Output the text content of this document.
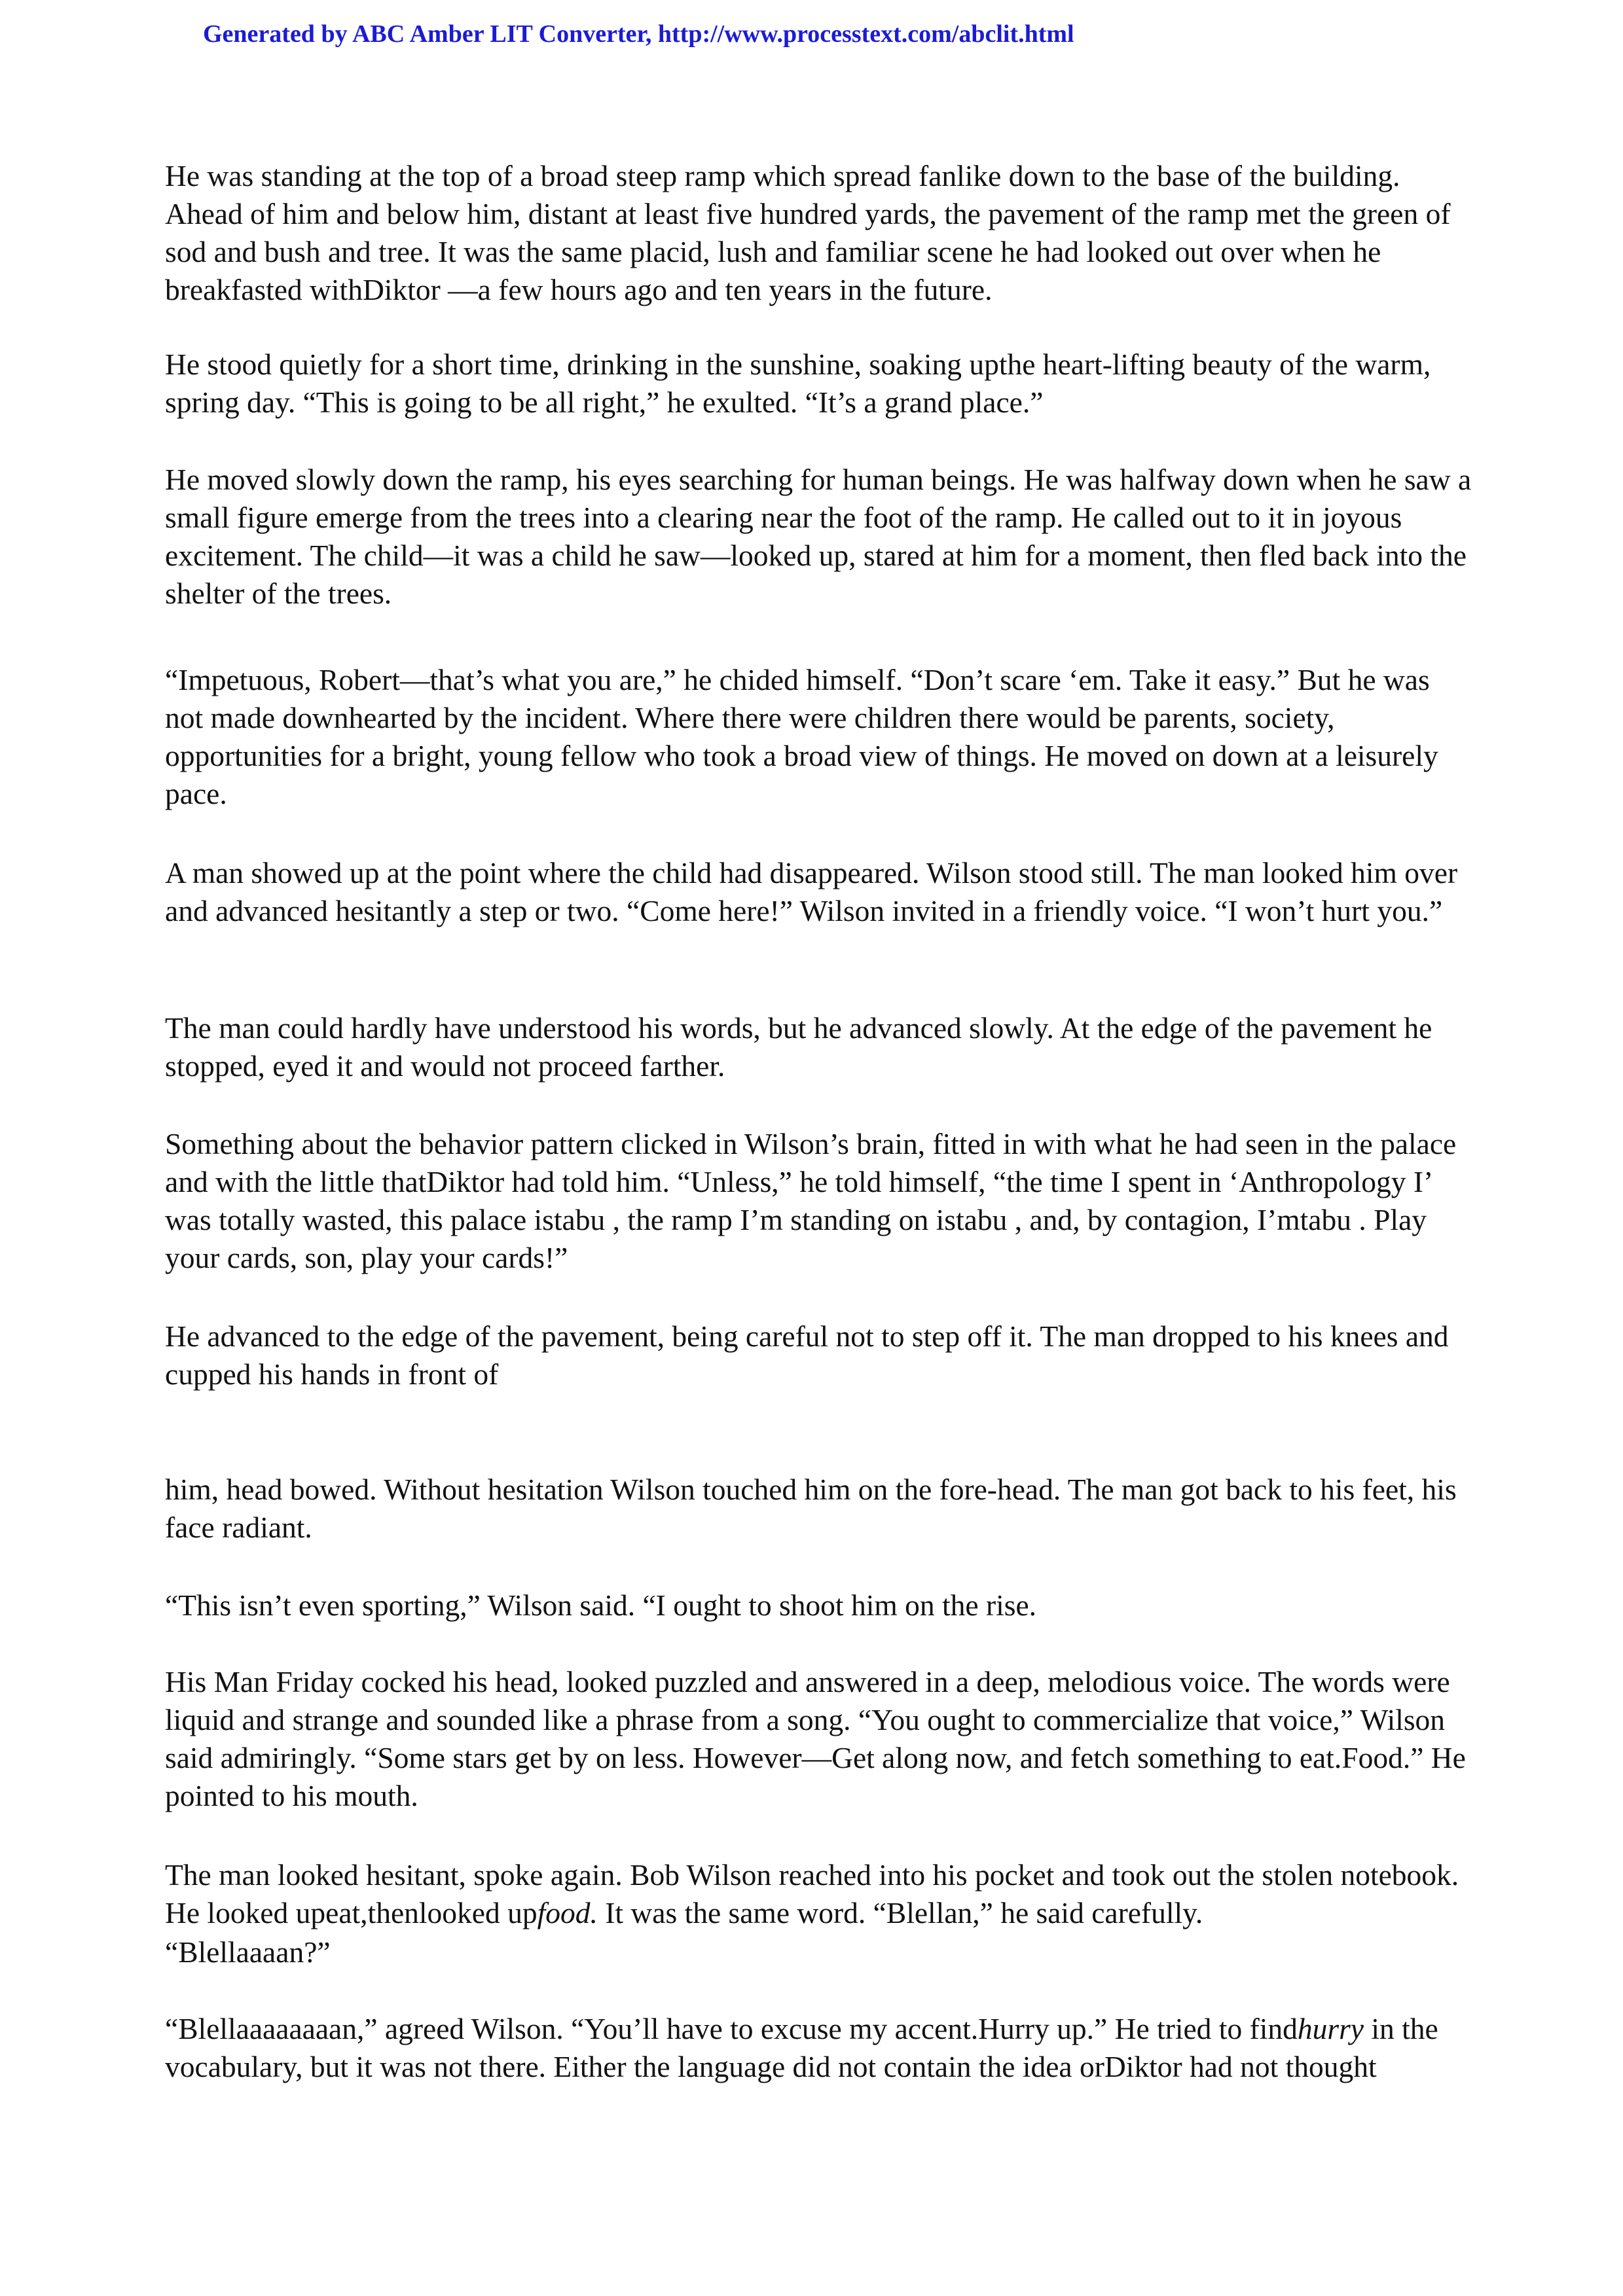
Generated by ABC Amber LIT Converter, http://www.processtext.com/abclit.html

He was standing at the top of a broad steep ramp which spread fanlike down to the base of the building. Ahead of him and below him, distant at least five hundred yards, the pavement of the ramp met the green of sod and bush and tree. It was the same placid, lush and familiar scene he had looked out over when he breakfasted withDiktor —a few hours ago and ten years in the future.

He stood quietly for a short time, drinking in the sunshine, soaking upthe heart-lifting beauty of the warm, spring day. “This is going to be all right,” he exulted. “It’s a grand place.”

He moved slowly down the ramp, his eyes searching for human beings. He was halfway down when he saw a small figure emerge from the trees into a clearing near the foot of the ramp. He called out to it in joyous excitement. The child—it was a child he saw—looked up, stared at him for a moment, then fled back into the shelter of the trees.

“Impetuous, Robert—that’s what you are,” he chided himself. “Don’t scare ‘em. Take it easy.” But he was not made downhearted by the incident. Where there were children there would be parents, society, opportunities for a bright, young fellow who took a broad view of things. He moved on down at a leisurely pace.

A man showed up at the point where the child had disappeared. Wilson stood still. The man looked him over and advanced hesitantly a step or two. “Come here!” Wilson invited in a friendly voice. “I won’t hurt you.”

The man could hardly have understood his words, but he advanced slowly. At the edge of the pavement he stopped, eyed it and would not proceed farther.

Something about the behavior pattern clicked in Wilson’s brain, fitted in with what he had seen in the palace and with the little thatDiktor had told him. “Unless,” he told himself, “the time I spent in ‘Anthropology I’ was totally wasted, this palace istabu , the ramp I’m standing on istabu , and, by contagion, I’mtabu . Play your cards, son, play your cards!”

He advanced to the edge of the pavement, being careful not to step off it. The man dropped to his knees and cupped his hands in front of

him, head bowed. Without hesitation Wilson touched him on the fore-head. The man got back to his feet, his face radiant.

“This isn’t even sporting,” Wilson said. “I ought to shoot him on the rise.

His Man Friday cocked his head, looked puzzled and answered in a deep, melodious voice. The words were liquid and strange and sounded like a phrase from a song. “You ought to commercialize that voice,” Wilson said admiringly. “Some stars get by on less. However—Get along now, and fetch something to eat.Food.” He pointed to his mouth.

The man looked hesitant, spoke again. Bob Wilson reached into his pocket and took out the stolen notebook. He looked upeat,thenlooked upfood. It was the same word. “Blellan,” he said carefully.

“Blellaaaan?”

“Blellaaaaaaaan,” agreed Wilson. “You’ll have to excuse my accent.Hurry up.” He tried to findhurry in the vocabulary, but it was not there. Either the language did not contain the idea orDiktor had not thought
